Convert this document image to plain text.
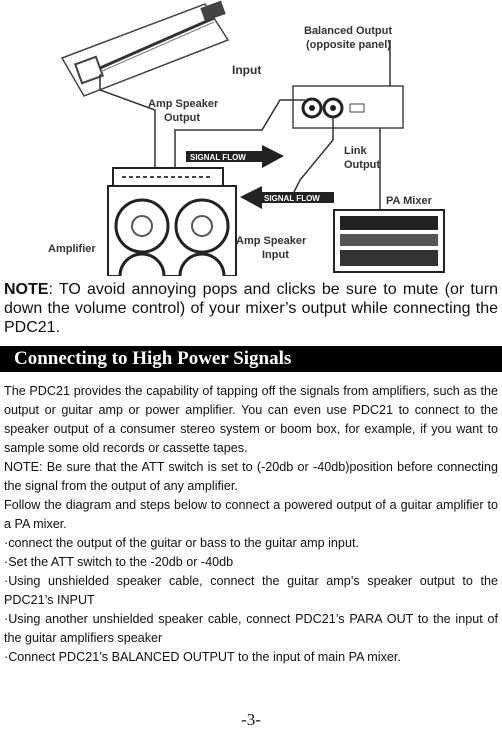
Balanced Output
(opposite panel)
Input
Amp Speaker
Output
SIGNAL FLOW
SIGNAL FLOW
Link
Output
PA Mixer
Amplifier
Amp Speaker
Input
NOTE: TO avoid annoying pops and clicks be sure to mute (or turn down the volume control) of your mixer’s output while connecting the PDC21.
Connecting to High Power Signals

The PDC21 provides the capability of tapping off the signals from amplifiers, such as the output or guitar amp or power amplifier. You can even use PDC21 to connect to the speaker output of a consumer stereo system or boom box, for example, if you want to sample some old records or cassette tapes.

NOTE: Be sure that the ATT switch is set to (-20db or -40db)position before connecting the signal from the output of any amplifier.

Follow the diagram and steps below to connect a powered output of a guitar amplifier to a PA mixer.

·connect the output of the guitar or bass to the guitar amp input.

·Set the ATT switch to the -20db or -40db

·Using unshielded speaker cable, connect the guitar amp’s speaker output to the PDC21’s INPUT

·Using another unshielded speaker cable, connect PDC21’s PARA OUT to the input of the guitar amplifiers speaker

·Connect PDC21’s BALANCED OUTPUT to the input of main PA mixer.

-3-
